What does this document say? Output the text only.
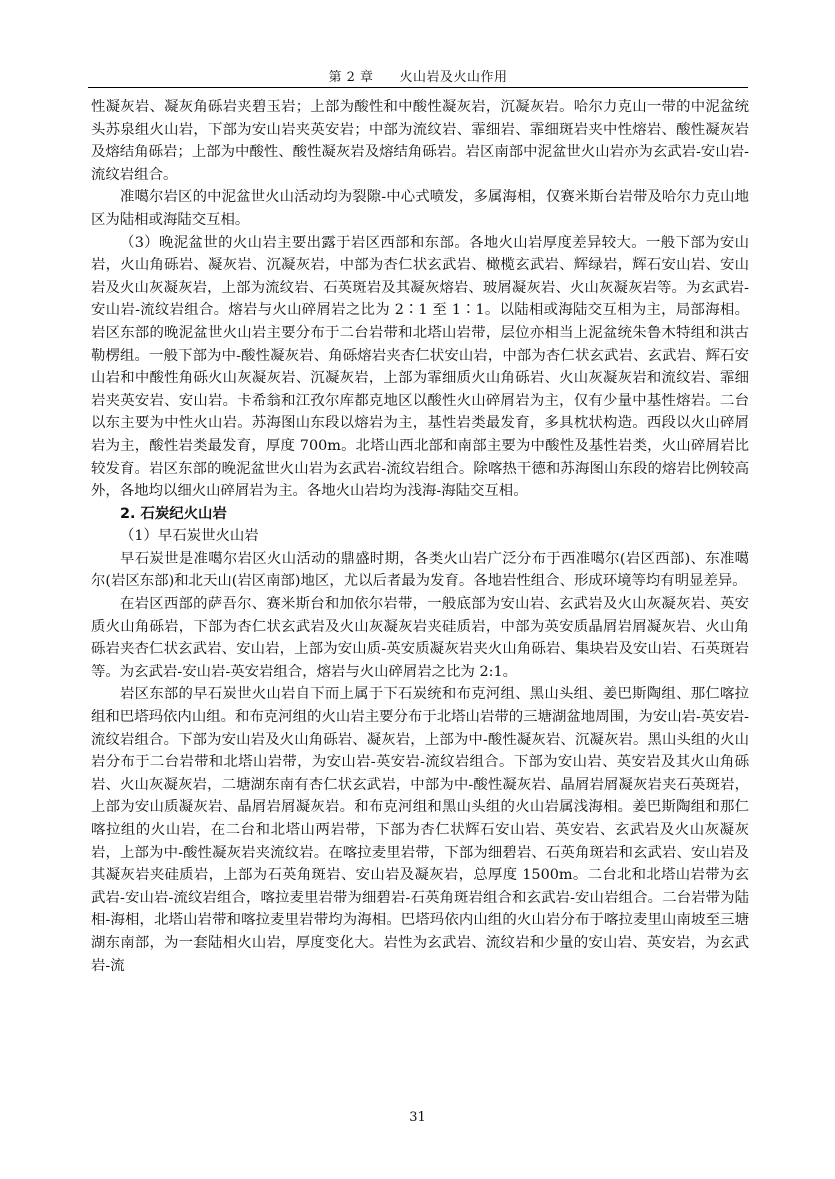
第 2 章 火山岩及火山作用

性凝灰岩、凝灰角砾岩夹碧玉岩；上部为酸性和中酸性凝灰岩，沉凝灰岩。哈尔力克山一带的中泥盆统头苏泉组火山岩，下部为安山岩夹英安岩；中部为流纹岩、霏细岩、霏细斑岩夹中性熔岩、酸性凝灰岩及熔结角砾岩；上部为中酸性、酸性凝灰岩及熔结角砾岩。岩区南部中泥盆世火山岩亦为玄武岩-安山岩-流纹岩组合。

准噶尔岩区的中泥盆世火山活动均为裂隙-中心式喷发，多属海相，仅赛米斯台岩带及哈尔力克山地区为陆相或海陆交互相。

（3）晚泥盆世的火山岩主要出露于岩区西部和东部。各地火山岩厚度差异较大。一般下部为安山岩，火山角砾岩、凝灰岩、沉凝灰岩，中部为杏仁状玄武岩、橄榄玄武岩、辉绿岩，辉石安山岩、安山岩及火山灰凝灰岩，上部为流纹岩、石英斑岩及其凝灰熔岩、玻屑凝灰岩、火山灰凝灰岩等。为玄武岩-安山岩-流纹岩组合。熔岩与火山碎屑岩之比为 2∶1 至 1∶1。以陆相或海陆交互相为主，局部海相。岩区东部的晚泥盆世火山岩主要分布于二台岩带和北塔山岩带，层位亦相当上泥盆统朱鲁木特组和洪古勒楞组。一般下部为中-酸性凝灰岩、角砾熔岩夹杏仁状安山岩，中部为杏仁状玄武岩、玄武岩、辉石安山岩和中酸性角砾火山灰凝灰岩、沉凝灰岩，上部为霏细质火山角砾岩、火山灰凝灰岩和流纹岩、霏细岩夹英安岩、安山岩。卡希翁和江孜尔库都克地区以酸性火山碎屑岩为主，仅有少量中基性熔岩。二台以东主要为中性火山岩。苏海图山东段以熔岩为主，基性岩类最发育，多具枕状构造。西段以火山碎屑岩为主，酸性岩类最发育，厚度 700m。北塔山西北部和南部主要为中酸性及基性岩类，火山碎屑岩比较发育。岩区东部的晚泥盆世火山岩为玄武岩-流纹岩组合。除喀热干德和苏海图山东段的熔岩比例较高外，各地均以细火山碎屑岩为主。各地火山岩均为浅海-海陆交互相。

2. 石炭纪火山岩

（1）早石炭世火山岩

早石炭世是准噶尔岩区火山活动的鼎盛时期，各类火山岩广泛分布于西准噶尔(岩区西部)、东准噶尔(岩区东部)和北天山(岩区南部)地区，尤以后者最为发育。各地岩性组合、形成环境等均有明显差异。

在岩区西部的萨吾尔、赛米斯台和加依尔岩带，一般底部为安山岩、玄武岩及火山灰凝灰岩、英安质火山角砾岩，下部为杏仁状玄武岩及火山灰凝灰岩夹硅质岩，中部为英安质晶屑岩屑凝灰岩、火山角砾岩夹杏仁状玄武岩、安山岩，上部为安山质-英安质凝灰岩夹火山角砾岩、集块岩及安山岩、石英斑岩等。为玄武岩-安山岩-英安岩组合，熔岩与火山碎屑岩之比为 2:1。

岩区东部的早石炭世火山岩自下而上属于下石炭统和布克河组、黑山头组、姜巴斯陶组、那仁喀拉组和巴塔玛依内山组。和布克河组的火山岩主要分布于北塔山岩带的三塘湖盆地周围，为安山岩-英安岩-流纹岩组合。下部为安山岩及火山角砾岩、凝灰岩，上部为中-酸性凝灰岩、沉凝灰岩。黑山头组的火山岩分布于二台岩带和北塔山岩带，为安山岩-英安岩-流纹岩组合。下部为安山岩、英安岩及其火山角砾岩、火山灰凝灰岩，二塘湖东南有杏仁状玄武岩，中部为中-酸性凝灰岩、晶屑岩屑凝灰岩夹石英斑岩，上部为安山质凝灰岩、晶屑岩屑凝灰岩。和布克河组和黑山头组的火山岩属浅海相。姜巴斯陶组和那仁喀拉组的火山岩，在二台和北塔山两岩带，下部为杏仁状辉石安山岩、英安岩、玄武岩及火山灰凝灰岩，上部为中-酸性凝灰岩夹流纹岩。在喀拉麦里岩带，下部为细碧岩、石英角斑岩和玄武岩、安山岩及其凝灰岩夹硅质岩，上部为石英角斑岩、安山岩及凝灰岩，总厚度 1500m。二台北和北塔山岩带为玄武岩-安山岩-流纹岩组合，喀拉麦里岩带为细碧岩-石英角斑岩组合和玄武岩-安山岩组合。二台岩带为陆相-海相，北塔山岩带和喀拉麦里岩带均为海相。巴塔玛依内山组的火山岩分布于喀拉麦里山南坡至三塘湖东南部，为一套陆相火山岩，厚度变化大。岩性为玄武岩、流纹岩和少量的安山岩、英安岩，为玄武岩-流

31
